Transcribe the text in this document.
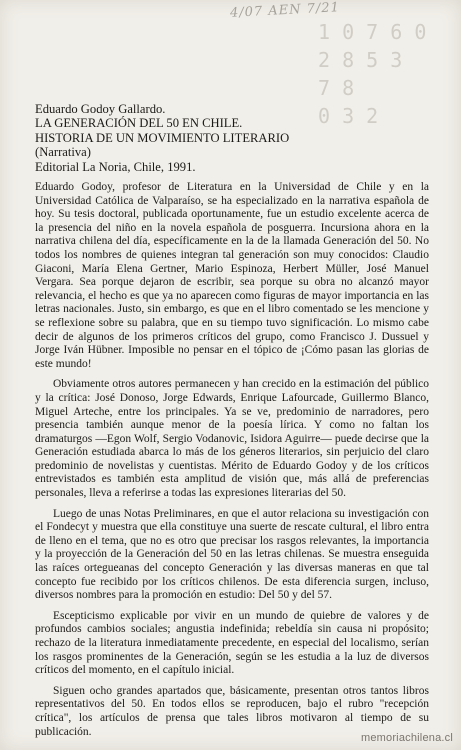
4/07 AEN 7/21
1 0 7 6 0
2 8 5 3
7 8
0 3 2
Eduardo Godoy Gallardo.
LA GENERACIÓN DEL 50 EN CHILE.
HISTORIA DE UN MOVIMIENTO LITERARIO
(Narrativa)
Editorial La Noria, Chile, 1991.

Eduardo Godoy, profesor de Literatura en la Universidad de Chile y en la Universidad Católica de Valparaíso, se ha especializado en la narrativa española de hoy. Su tesis doctoral, publicada oportunamente, fue un estudio excelente acerca de la presencia del niño en la novela española de posguerra. Incursiona ahora en la narrativa chilena del día, específicamente en la de la llamada Generación del 50. No todos los nombres de quienes integran tal generación son muy conocidos: Claudio Giaconi, María Elena Gertner, Mario Espinoza, Herbert Müller, José Manuel Vergara. Sea porque dejaron de escribir, sea porque su obra no alcanzó mayor relevancia, el hecho es que ya no aparecen como figuras de mayor importancia en las letras nacionales. Justo, sin embargo, es que en el libro comentado se les mencione y se reflexione sobre su palabra, que en su tiempo tuvo significación. Lo mismo cabe decir de algunos de los primeros críticos del grupo, como Francisco J. Dussuel y Jorge Iván Hübner. Imposible no pensar en el tópico de ¡Cómo pasan las glorias de este mundo!

Obviamente otros autores permanecen y han crecido en la estimación del público y la crítica: José Donoso, Jorge Edwards, Enrique Lafourcade, Guillermo Blanco, Miguel Arteche, entre los principales. Ya se ve, predominio de narradores, pero presencia también aunque menor de la poesía lírica. Y como no faltan los dramaturgos —Egon Wolf, Sergio Vodanovic, Isidora Aguirre— puede decirse que la Generación estudiada abarca lo más de los géneros literarios, sin perjuicio del claro predominio de novelistas y cuentistas. Mérito de Eduardo Godoy y de los críticos entrevistados es también esta amplitud de visión que, más allá de preferencias personales, lleva a referirse a todas las expresiones literarias del 50.

Luego de unas Notas Preliminares, en que el autor relaciona su investigación con el Fondecyt y muestra que ella constituye una suerte de rescate cultural, el libro entra de lleno en el tema, que no es otro que precisar los rasgos relevantes, la importancia y la proyección de la Generación del 50 en las letras chilenas. Se muestra enseguida las raíces ortegueanas del concepto Generación y las diversas maneras en que tal concepto fue recibido por los críticos chilenos. De esta diferencia surgen, incluso, diversos nombres para la promoción en estudio: Del 50 y del 57.

Escepticismo explicable por vivir en un mundo de quiebre de valores y de profundos cambios sociales; angustia indefinida; rebeldía sin causa ni propósito; rechazo de la literatura inmediatamente precedente, en especial del localismo, serían los rasgos prominentes de la Generación, según se les estudia a la luz de diversos críticos del momento, en el capítulo inicial.

Siguen ocho grandes apartados que, básicamente, presentan otros tantos libros representativos del 50. En todos ellos se reproducen, bajo el rubro "recepción crítica", los artículos de prensa que tales libros motivaron al tiempo de su publicación.

memoriachilena.cl
